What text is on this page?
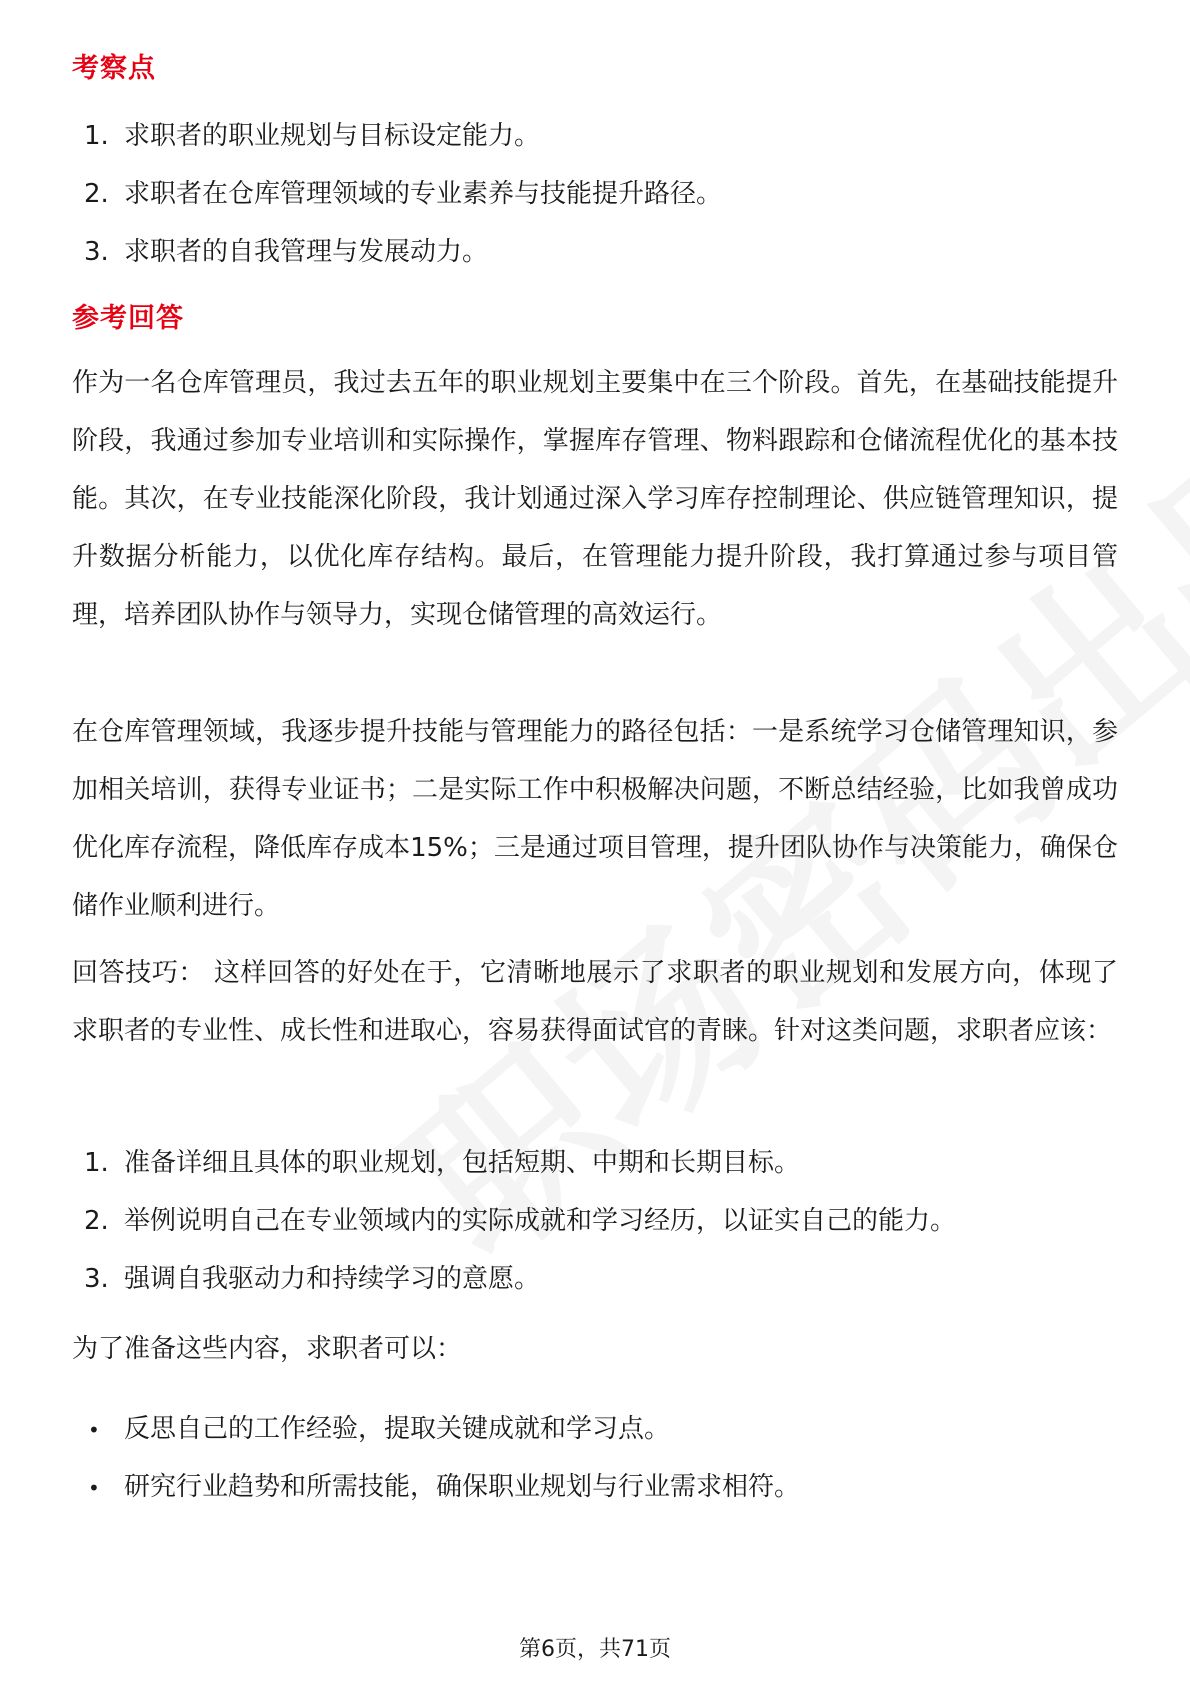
考察点
1. 求职者的职业规划与目标设定能力。
2. 求职者在仓库管理领域的专业素养与技能提升路径。
3. 求职者的自我管理与发展动力。
参考回答

作为一名仓库管理员，我过去五年的职业规划主要集中在三个阶段。首先，在基础技能提升阶段，我通过参加专业培训和实际操作，掌握库存管理、物料跟踪和仓储流程优化的基本技能。其次，在专业技能深化阶段，我计划通过深入学习库存控制理论、供应链管理知识，提升数据分析能力，以优化库存结构。最后，在管理能力提升阶段，我打算通过参与项目管理，培养团队协作与领导力，实现仓储管理的高效运行。

在仓库管理领域，我逐步提升技能与管理能力的路径包括：一是系统学习仓储管理知识，参加相关培训，获得专业证书；二是实际工作中积极解决问题，不断总结经验，比如我曾成功优化库存流程，降低库存成本15%；三是通过项目管理，提升团队协作与决策能力，确保仓储作业顺利进行。

回答技巧： 这样回答的好处在于，它清晰地展示了求职者的职业规划和发展方向，体现了求职者的专业性、成长性和进取心，容易获得面试官的青睐。针对这类问题，求职者应该：

1. 准备详细且具体的职业规划，包括短期、中期和长期目标。
2. 举例说明自己在专业领域内的实际成就和学习经历，以证实自己的能力。
3. 强调自我驱动力和持续学习的意愿。

为了准备这些内容，求职者可以：

• 反思自己的工作经验，提取关键成就和学习点。
• 研究行业趋势和所需技能，确保职业规划与行业需求相符。
第6页，共71页
